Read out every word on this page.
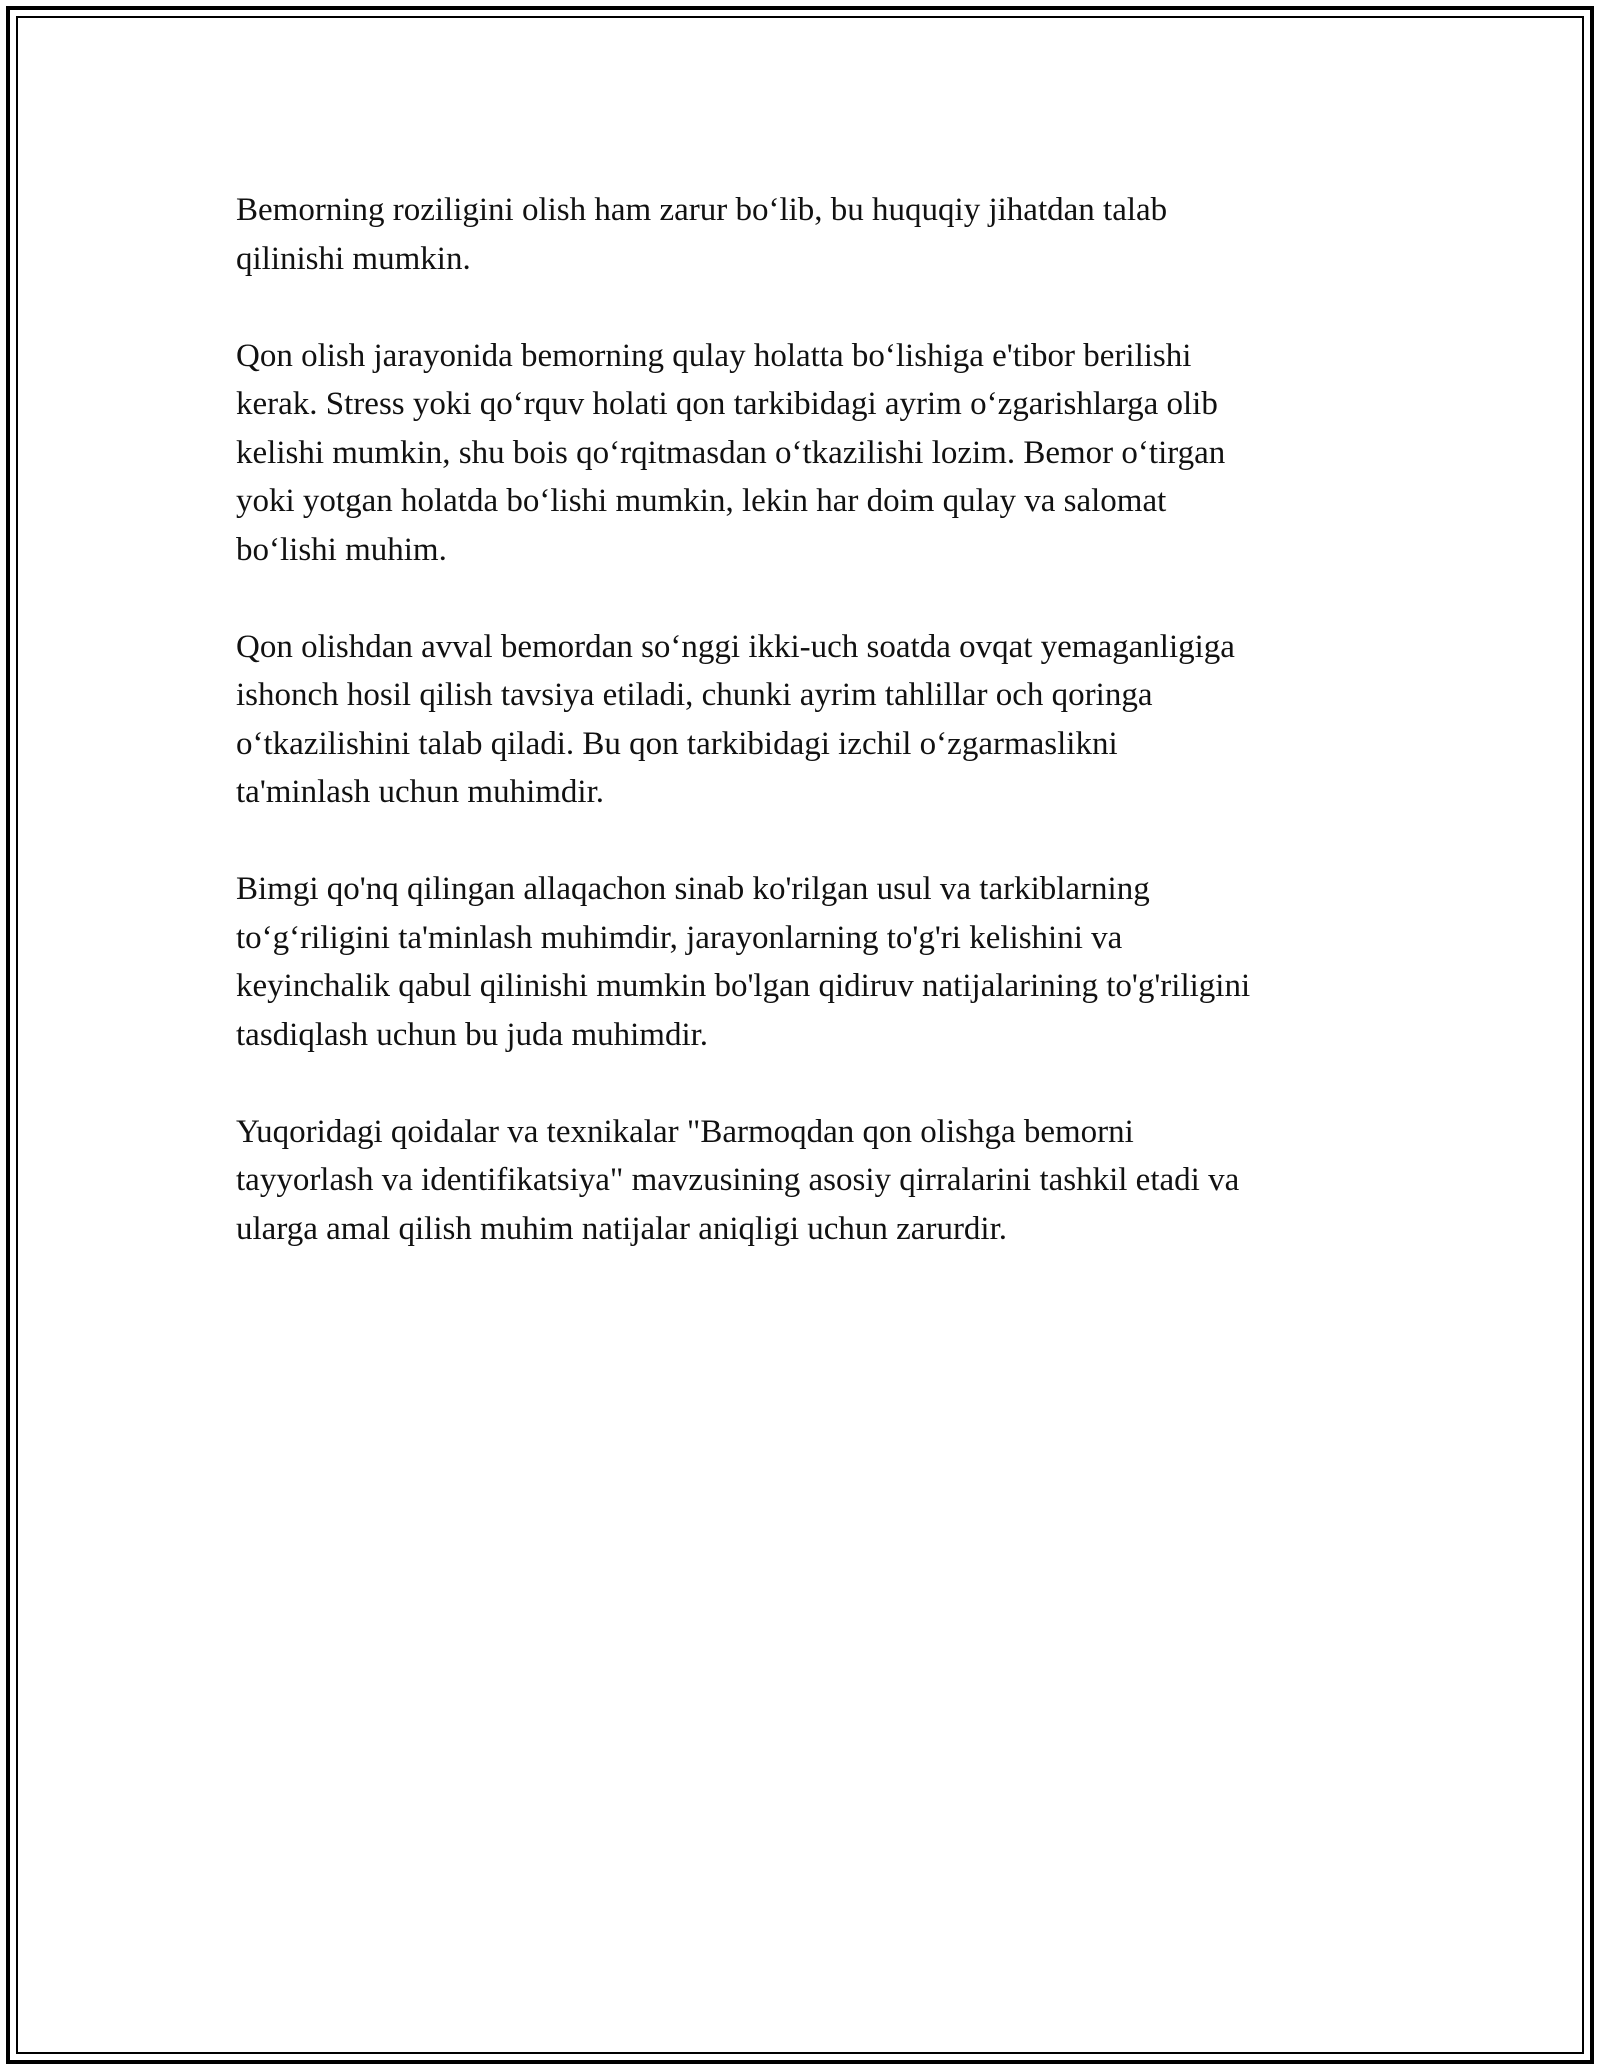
Bemorning roziligini olish ham zarur bo‘lib, bu huquqiy jihatdan talab
qilinishi mumkin.

Qon olish jarayonida bemorning qulay holatta bo‘lishiga e'tibor berilishi
kerak. Stress yoki qo‘rquv holati qon tarkibidagi ayrim o‘zgarishlarga olib
kelishi mumkin, shu bois qo‘rqitmasdan o‘tkazilishi lozim. Bemor o‘tirgan
yoki yotgan holatda bo‘lishi mumkin, lekin har doim qulay va salomat
bo‘lishi muhim.

Qon olishdan avval bemordan so‘nggi ikki-uch soatda ovqat yemaganligiga
ishonch hosil qilish tavsiya etiladi, chunki ayrim tahlillar och qoringa
o‘tkazilishini talab qiladi. Bu qon tarkibidagi izchil o‘zgarmaslikni
ta'minlash uchun muhimdir.

Bimgi qo'nq qilingan allaqachon sinab ko'rilgan usul va tarkiblarning
to‘g‘riligini ta'minlash muhimdir, jarayonlarning to'g'ri kelishini va
keyinchalik qabul qilinishi mumkin bo'lgan qidiruv natijalarining to'g'riligini
tasdiqlash uchun bu juda muhimdir.

Yuqoridagi qoidalar va texnikalar "Barmoqdan qon olishga bemorni
tayyorlash va identifikatsiya" mavzusining asosiy qirralarini tashkil etadi va
ularga amal qilish muhim natijalar aniqligi uchun zarurdir.
